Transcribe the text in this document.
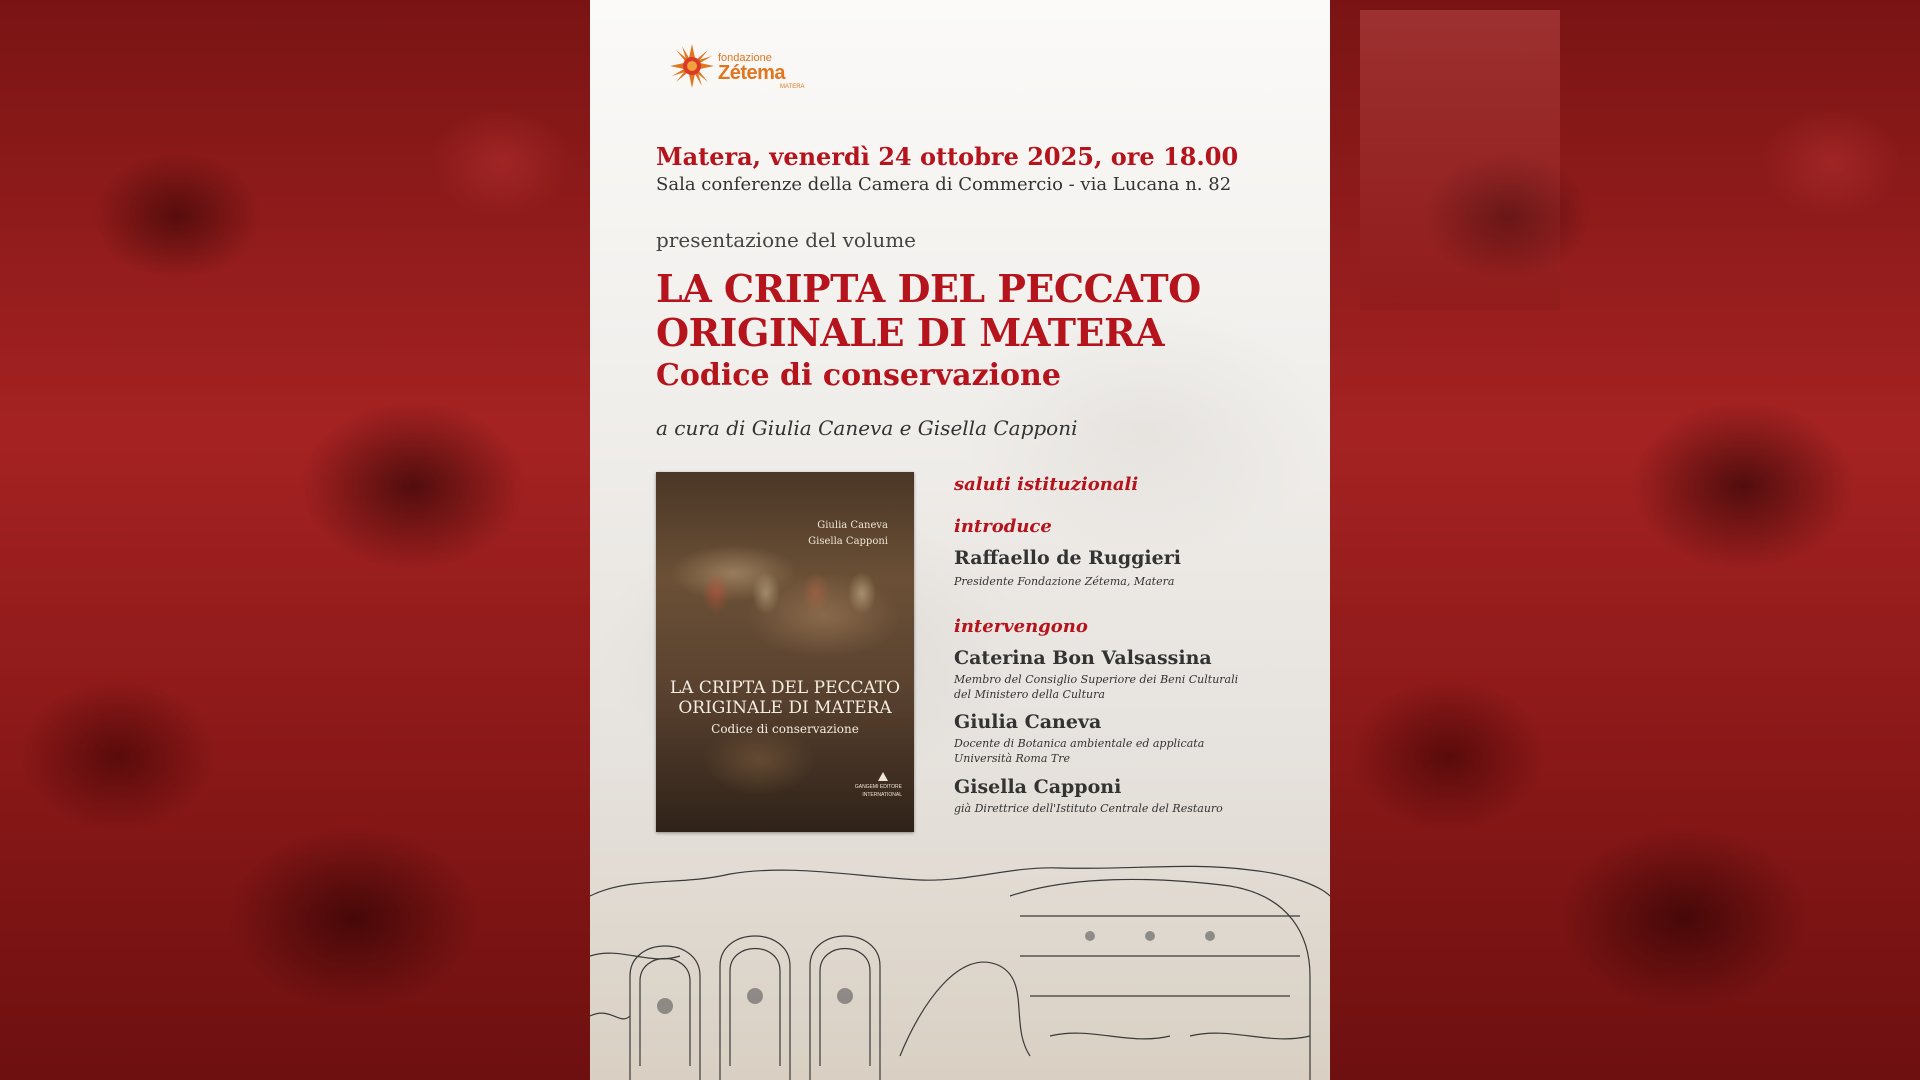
fondazione
Zétema
MATERA
Matera, venerdì 24 ottobre 2025, ore 18.00
Sala conferenze della Camera di Commercio - via Lucana n. 82
presentazione del volume
LA CRIPTA DEL PECCATO
ORIGINALE DI MATERA
Codice di conservazione
a cura di Giulia Caneva e Gisella Capponi
Giulia Caneva
Gisella Capponi
LA CRIPTA DEL PECCATO
ORIGINALE DI MATERA
Codice di conservazione
GANGEMI EDITORE
INTERNATIONAL
saluti istituzionali
introduce
Raffaello de Ruggieri
Presidente Fondazione Zétema, Matera
intervengono
Caterina Bon Valsassina
Membro del Consiglio Superiore dei Beni Culturali
del Ministero della Cultura
Giulia Caneva
Docente di Botanica ambientale ed applicata
Università Roma Tre
Gisella Capponi
già Direttrice dell'Istituto Centrale del Restauro
